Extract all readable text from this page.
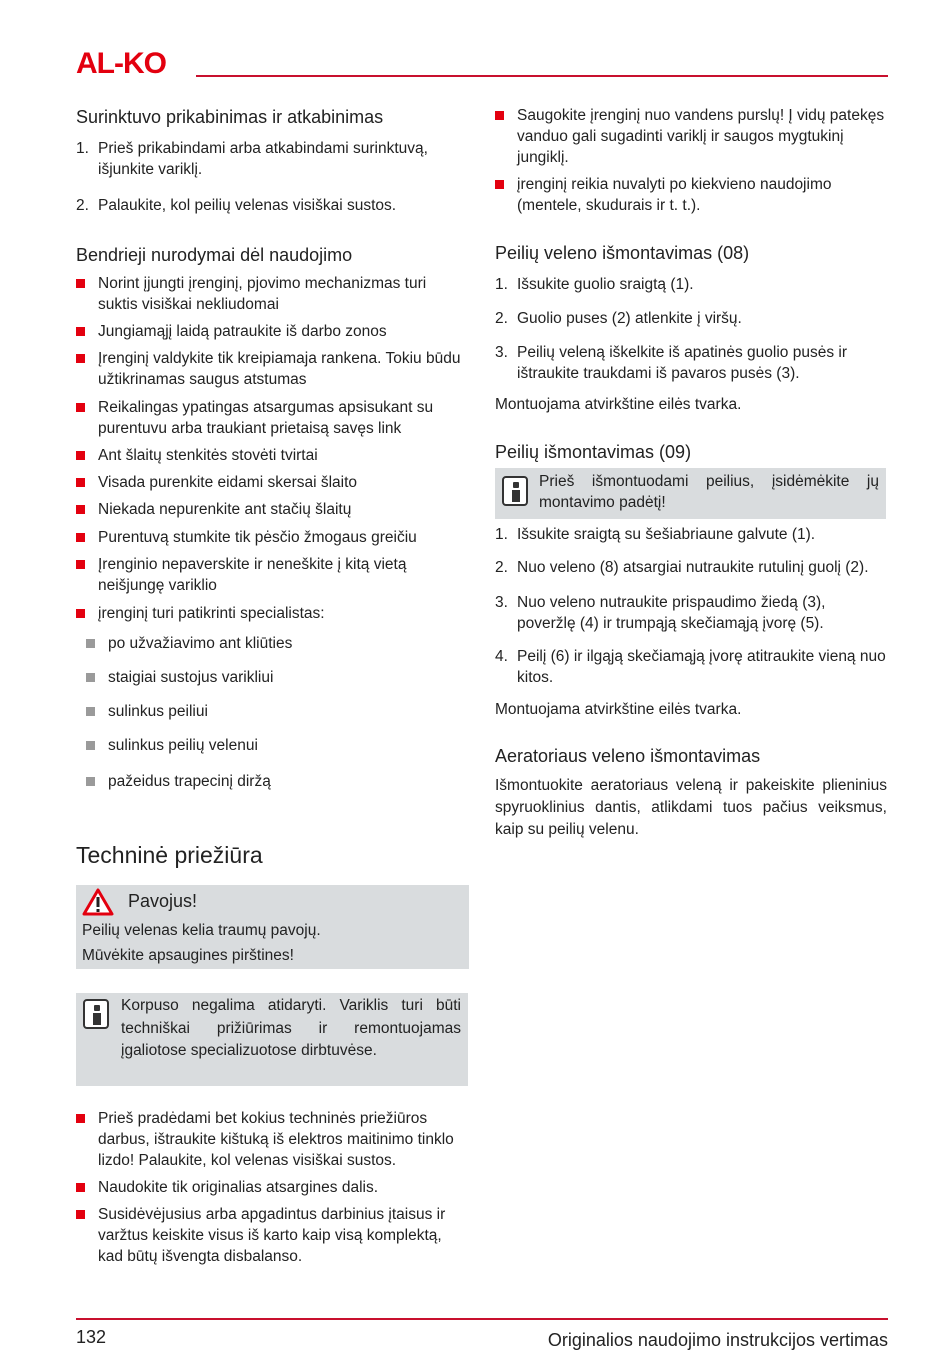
AL-KO
Surinktuvo prikabinimas ir atkabinimas
1. Prieš prikabindami arba atkabindami surinktuvą, išjunkite variklį.
2. Palaukite, kol peilių velenas visiškai sustos.
Bendrieji nurodymai dėl naudojimo
Norint įjungti įrenginį, pjovimo mechanizmas turi suktis visiškai nekliudomai
Jungiamąjį laidą patraukite iš darbo zonos
Įrenginį valdykite tik kreipiamaja rankena. Tokiu būdu užtikrinamas saugus atstumas
Reikalingas ypatingas atsargumas apsisukant su purentuvu arba traukiant prietaisą savęs link
Ant šlaitų stenkitės stovėti tvirtai
Visada purenkite eidami skersai šlaito
Niekada nepurenkite ant stačių šlaitų
Purentuvą stumkite tik pėsčio žmogaus greičiu
Įrenginio nepaverskite ir neneškite į kitą vietą neišjungę variklio
įrenginį turi patikrinti specialistas:
po užvažiavimo ant kliūties
staigiai sustojus varikliui
sulinkus peiliui
sulinkus peilių velenui
pažeidus trapecinį diržą
Techninė priežiūra
Pavojus!
Peilių velenas kelia traumų pavojų.
Mūvėkite apsaugines pirštines!
Korpuso negalima atidaryti. Variklis turi būti techniškai prižiūrimas ir remontuojamas įgaliotose specializuotose dirbtuvėse.
Prieš pradėdami bet kokius techninės priežiūros darbus, ištraukite kištuką iš elektros maitinimo tinklo lizdo! Palaukite, kol velenas visiškai sustos.
Naudokite tik originalias atsargines dalis.
Susidėvėjusius arba apgadintus darbinius įtaisus ir varžtus keiskite visus iš karto kaip visą komplektą, kad būtų išvengta disbalanso.
Saugokite įrenginį nuo vandens purslų! Į vidų patekęs vanduo gali sugadinti variklį ir saugos mygtukinį jungiklį.
įrenginį reikia nuvalyti po kiekvieno naudojimo (mentele, skudurais ir t. t.).
Peilių veleno išmontavimas (08)
1. Išsukite guolio sraigtą (1).
2. Guolio puses (2) atlenkite į viršų.
3. Peilių veleną iškelkite iš apatinės guolio pusės ir ištraukite traukdami iš pavaros pusės (3).
Montuojama atvirkštine eilės tvarka.
Peilių išmontavimas (09)
Prieš išmontuodami peilius, įsidėmėkite jų montavimo padėtį!
1. Išsukite sraigtą su šešiabriaune galvute (1).
2. Nuo veleno (8) atsargiai nutraukite rutulinį guolį (2).
3. Nuo veleno nutraukite prispaudimo žiedą (3), poveržlę (4) ir trumpąją skečiamąją įvorę (5).
4. Peilį (6) ir ilgąją skečiamąją įvorę atitraukite vieną nuo kitos.
Montuojama atvirkštine eilės tvarka.
Aeratoriaus veleno išmontavimas
Išmontuokite aeratoriaus veleną ir pakeiskite plieninius spyruoklinius dantis, atlikdami tuos pačius veiksmus, kaip su peilių velenu.
132	Originalios naudojimo instrukcijos vertimas
